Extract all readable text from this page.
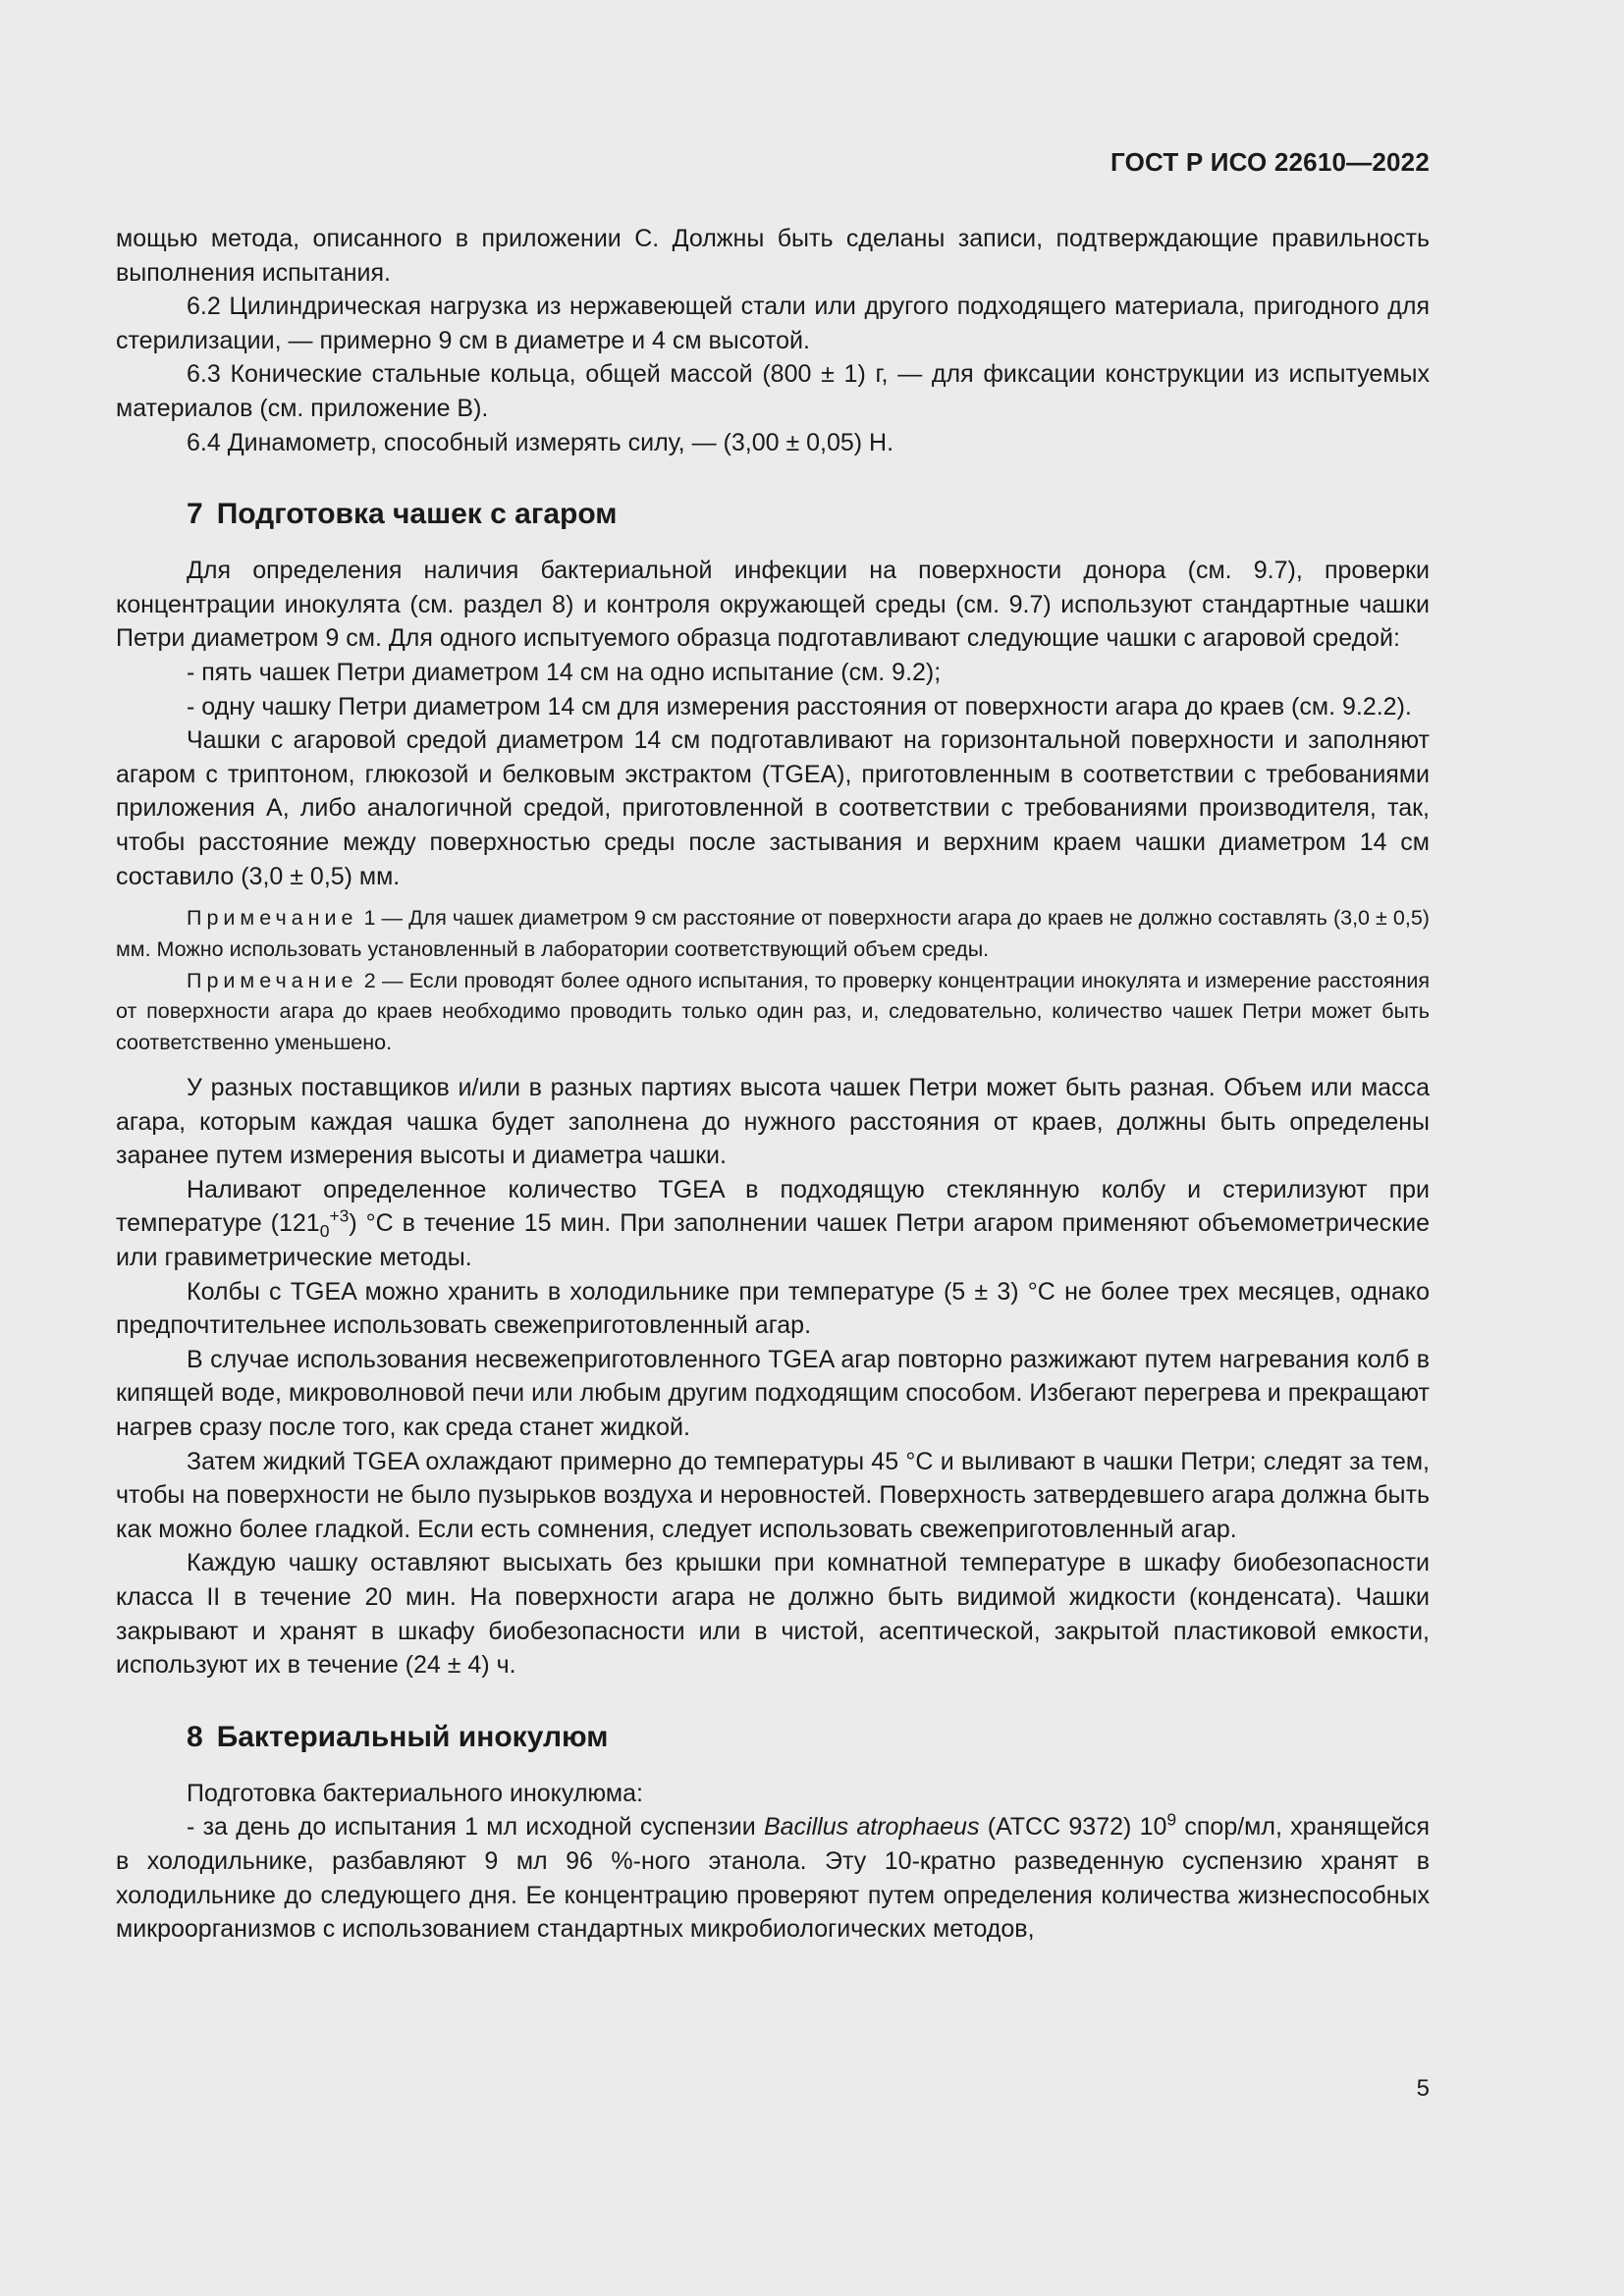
ГОСТ Р ИСО 22610—2022

мощью метода, описанного в приложении С. Должны быть сделаны записи, подтверждающие правильность выполнения испытания.

6.2 Цилиндрическая нагрузка из нержавеющей стали или другого подходящего материала, пригодного для стерилизации, — примерно 9 см в диаметре и 4 см высотой.

6.3 Конические стальные кольца, общей массой (800 ± 1) г, — для фиксации конструкции из испытуемых материалов (см. приложение В).

6.4 Динамометр, способный измерять силу, — (3,00 ± 0,05) Н.

7 Подготовка чашек с агаром

Для определения наличия бактериальной инфекции на поверхности донора (см. 9.7), проверки концентрации инокулята (см. раздел 8) и контроля окружающей среды (см. 9.7) используют стандартные чашки Петри диаметром 9 см. Для одного испытуемого образца подготавливают следующие чашки с агаровой средой:

- пять чашек Петри диаметром 14 см на одно испытание (см. 9.2);

- одну чашку Петри диаметром 14 см для измерения расстояния от поверхности агара до краев (см. 9.2.2).

Чашки с агаровой средой диаметром 14 см подготавливают на горизонтальной поверхности и заполняют агаром с триптоном, глюкозой и белковым экстрактом (TGEA), приготовленным в соответствии с требованиями приложения А, либо аналогичной средой, приготовленной в соответствии с требованиями производителя, так, чтобы расстояние между поверхностью среды после застывания и верхним краем чашки диаметром 14 см составило (3,0 ± 0,5) мм.

Примечание 1 — Для чашек диаметром 9 см расстояние от поверхности агара до краев не должно составлять (3,0 ± 0,5) мм. Можно использовать установленный в лаборатории соответствующий объем среды.

Примечание 2 — Если проводят более одного испытания, то проверку концентрации инокулята и измерение расстояния от поверхности агара до краев необходимо проводить только один раз, и, следовательно, количество чашек Петри может быть соответственно уменьшено.

У разных поставщиков и/или в разных партиях высота чашек Петри может быть разная. Объем или масса агара, которым каждая чашка будет заполнена до нужного расстояния от краев, должны быть определены заранее путем измерения высоты и диаметра чашки.

Наливают определенное количество TGEA в подходящую стеклянную колбу и стерилизуют при температуре $(121_0^{+3})$ °С в течение 15 мин. При заполнении чашек Петри агаром применяют объемометрические или гравиметрические методы.

Колбы с TGEA можно хранить в холодильнике при температуре (5 ± 3) °С не более трех месяцев, однако предпочтительнее использовать свежеприготовленный агар.

В случае использования несвежеприготовленного TGEA агар повторно разжижают путем нагревания колб в кипящей воде, микроволновой печи или любым другим подходящим способом. Избегают перегрева и прекращают нагрев сразу после того, как среда станет жидкой.

Затем жидкий TGEA охлаждают примерно до температуры 45 °С и выливают в чашки Петри; следят за тем, чтобы на поверхности не было пузырьков воздуха и неровностей. Поверхность затвердевшего агара должна быть как можно более гладкой. Если есть сомнения, следует использовать свежеприготовленный агар.

Каждую чашку оставляют высыхать без крышки при комнатной температуре в шкафу биобезопасности класса II в течение 20 мин. На поверхности агара не должно быть видимой жидкости (конденсата). Чашки закрывают и хранят в шкафу биобезопасности или в чистой, асептической, закрытой пластиковой емкости, используют их в течение (24 ± 4) ч.

8 Бактериальный инокулюм

Подготовка бактериального инокулюма:

- за день до испытания 1 мл исходной суспензии Bacillus atrophaeus (АТСС 9372) $10^9$ спор/мл, хранящейся в холодильнике, разбавляют 9 мл 96 %-ного этанола. Эту 10-кратно разведенную суспензию хранят в холодильнике до следующего дня. Ее концентрацию проверяют путем определения количества жизнеспособных микроорганизмов с использованием стандартных микробиологических методов,

5
